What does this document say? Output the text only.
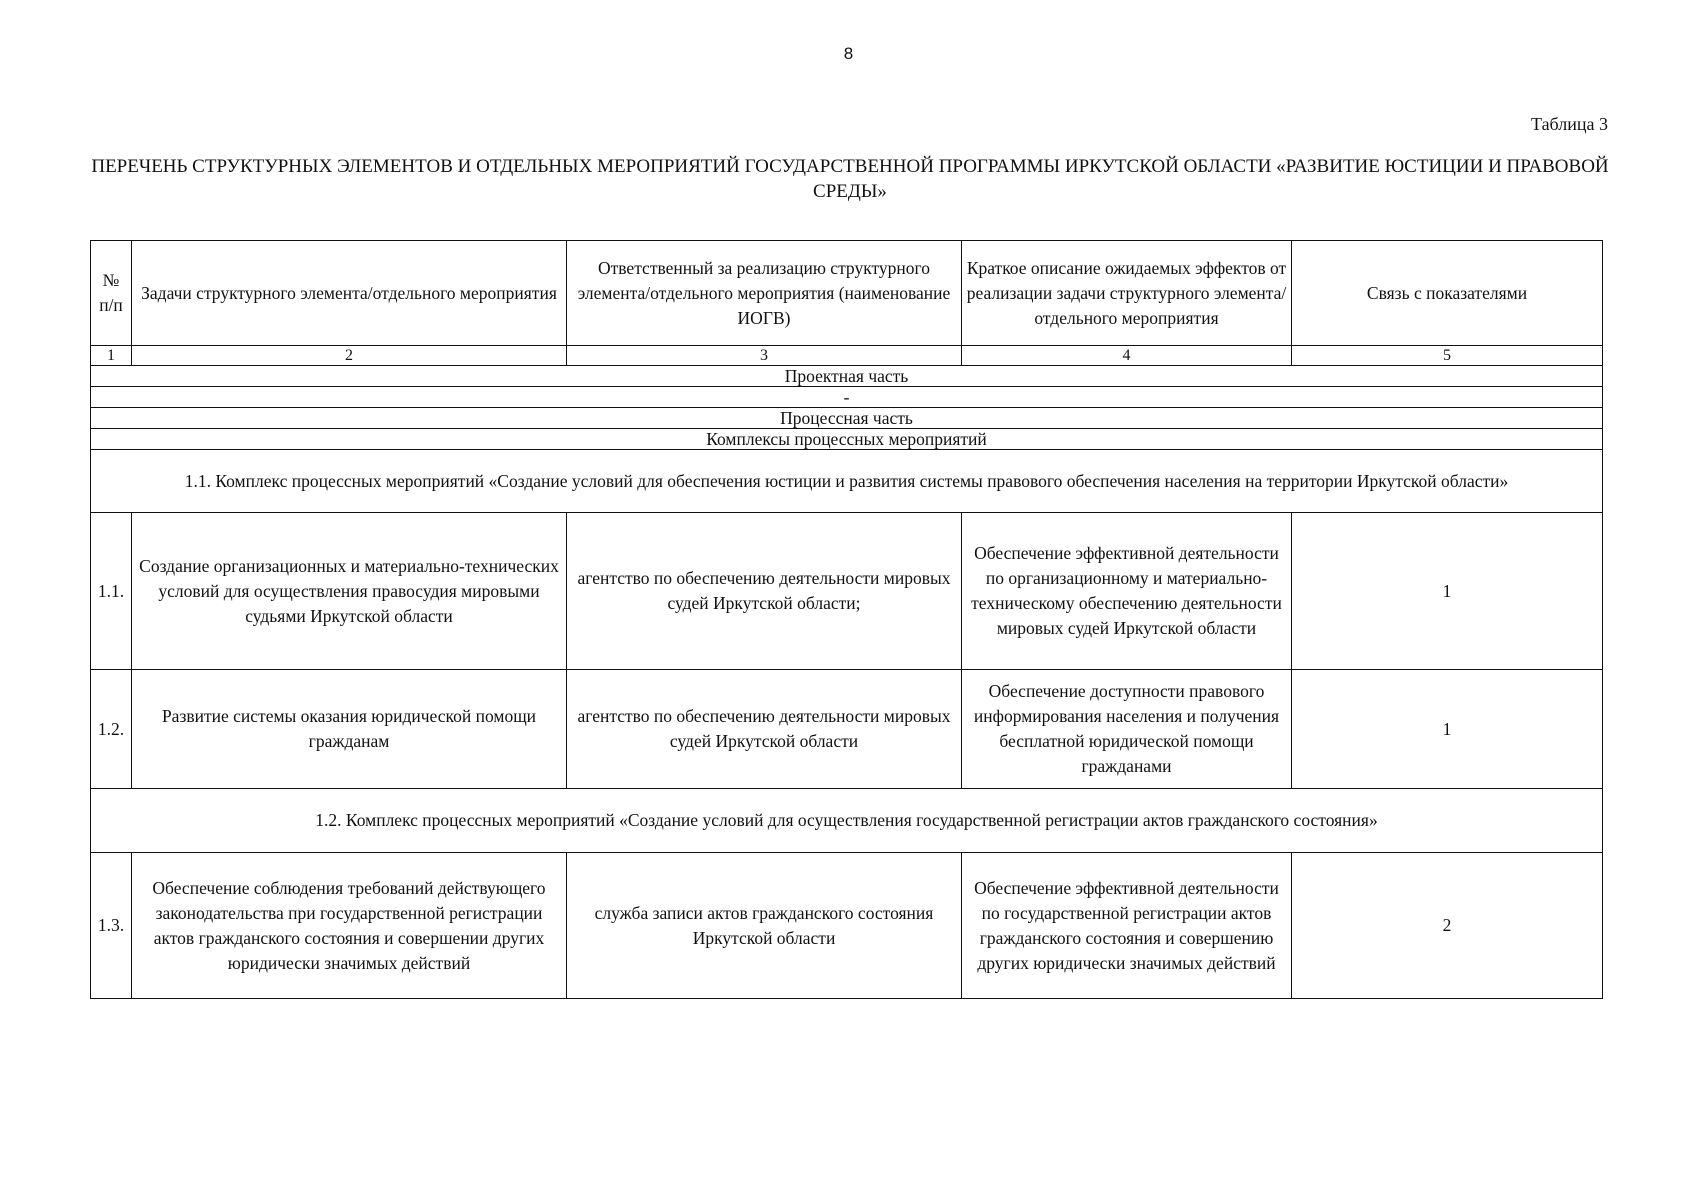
8
Таблица 3
ПЕРЕЧЕНЬ СТРУКТУРНЫХ ЭЛЕМЕНТОВ И ОТДЕЛЬНЫХ МЕРОПРИЯТИЙ ГОСУДАРСТВЕННОЙ ПРОГРАММЫ ИРКУТСКОЙ ОБЛАСТИ «РАЗВИТИЕ ЮСТИЦИИ И ПРАВОВОЙ СРЕДЫ»
№ п/п	Задачи структурного элемента/отдельного мероприятия	Ответственный за реализацию структурного элемента/отдельного мероприятия (наименование ИОГВ)	Краткое описание ожидаемых эффектов от реализации задачи структурного элемента/отдельного мероприятия	Связь с показателями
1	2	3	4	5
Проектная часть				
-				
Процессная часть				
Комплексы процессных мероприятий				
1.1. Комплекс процессных мероприятий «Создание условий для обеспечения юстиции и развития системы правового обеспечения населения на территории Иркутской области»				
1.1.	Создание организационных и материально-технических условий для осуществления правосудия мировыми судьями Иркутской области	агентство по обеспечению деятельности мировых судей Иркутской области;	Обеспечение эффективной деятельности по организационному и материально-техническому обеспечению деятельности мировых судей Иркутской области	1
1.2.	Развитие системы оказания юридической помощи гражданам	агентство по обеспечению деятельности мировых судей Иркутской области	Обеспечение доступности правового информирования населения и получения бесплатной юридической помощи гражданами	1
1.2. Комплекс процессных мероприятий «Создание условий для осуществления государственной регистрации актов гражданского состояния»				
1.3.	Обеспечение соблюдения требований действующего законодательства при государственной регистрации актов гражданского состояния и совершении других юридически значимых действий	служба записи актов гражданского состояния Иркутской области	Обеспечение эффективной деятельности по государственной регистрации актов гражданского состояния и совершению других юридически значимых действий	2
